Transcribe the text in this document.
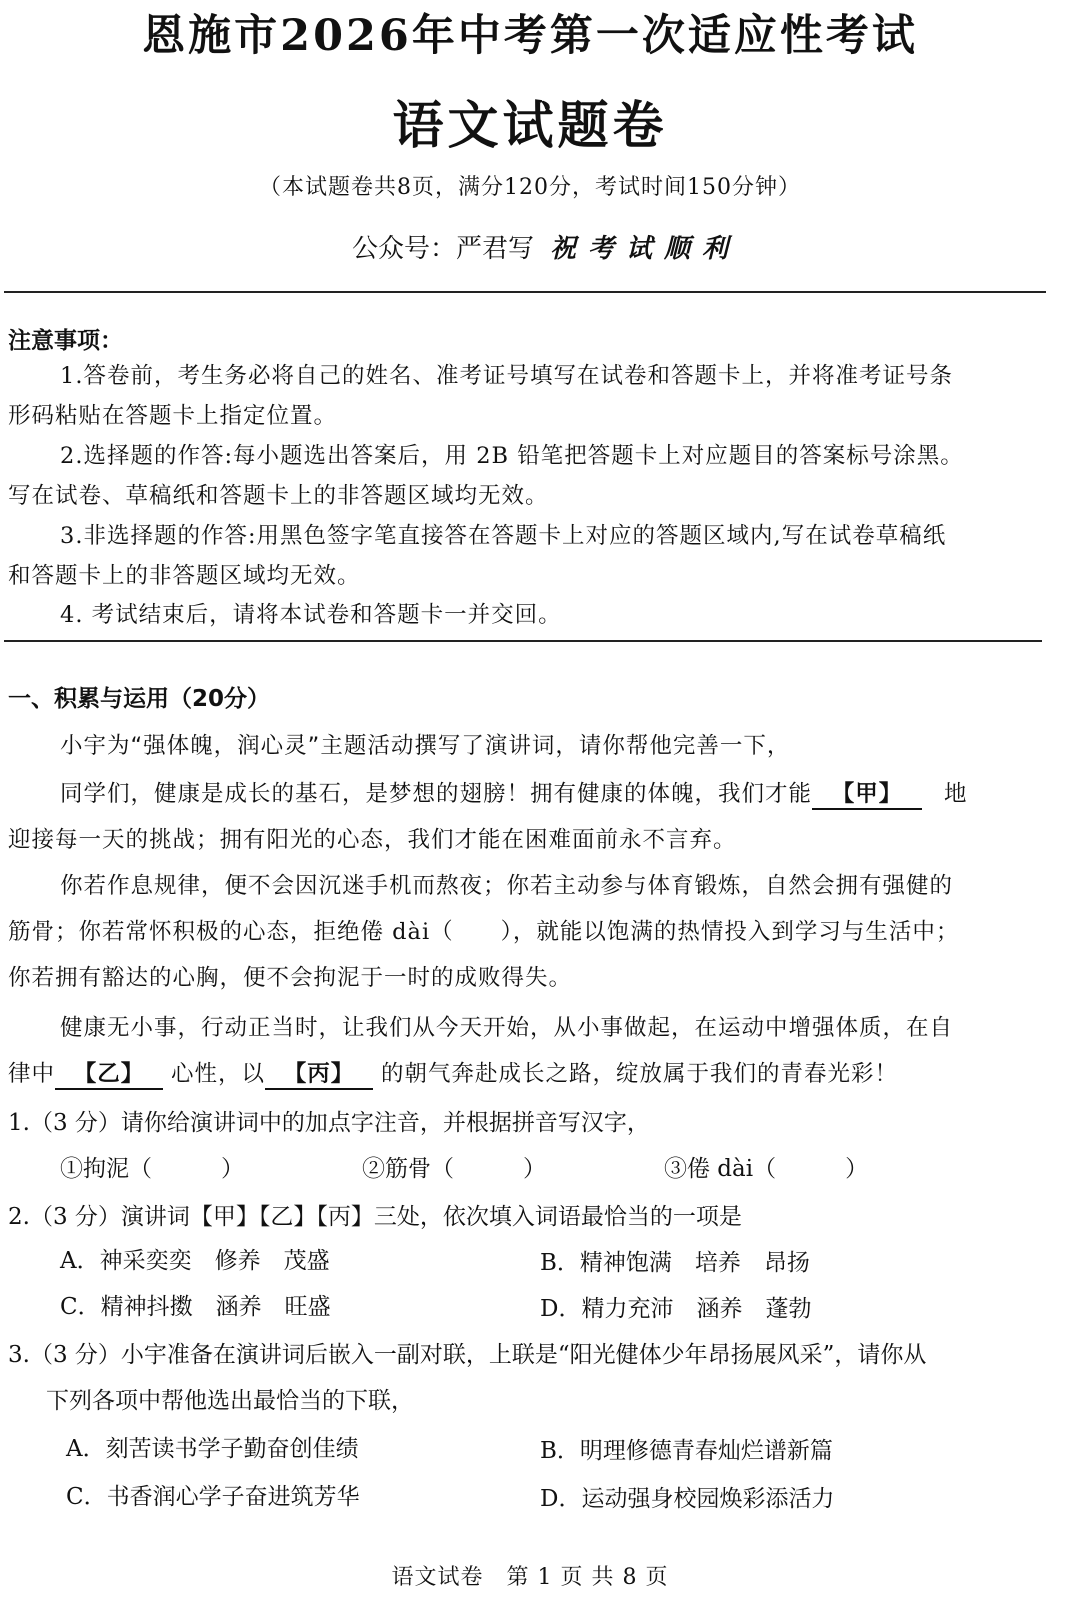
恩施市2026年中考第一次适应性考试
语文试题卷
（本试题卷共8页，满分120分，考试时间150分钟）
公众号：严君写 祝考试顺利
注意事项：
1.答卷前，考生务必将自己的姓名、准考证号填写在试卷和答题卡上，并将准考证号条
形码粘贴在答题卡上指定位置。
2.选择题的作答:每小题选出答案后，用 2B 铅笔把答题卡上对应题目的答案标号涂黑。
写在试卷、草稿纸和答题卡上的非答题区域均无效。
3.非选择题的作答:用黑色签字笔直接答在答题卡上对应的答题区域内,写在试卷草稿纸
和答题卡上的非答题区域均无效。
4. 考试结束后，请将本试卷和答题卡一并交回。
一、积累与运用（20分）
小宇为“强体魄，润心灵”主题活动撰写了演讲词，请你帮他完善一下，
同学们，健康是成长的基石，是梦想的翅膀！拥有健康的体魄，我们才能 【甲】 地
迎接每一天的挑战；拥有阳光的心态，我们才能在困难面前永不言弃。
你若作息规律，便不会因沉迷手机而熬夜；你若主动参与体育锻炼，自然会拥有强健的
筋骨；你若常怀积极的心态，拒绝倦 dài（　　），就能以饱满的热情投入到学习与生活中；
你若拥有豁达的心胸，便不会拘泥于一时的成败得失。
健康无小事，行动正当时，让我们从今天开始，从小事做起，在运动中增强体质，在自
律中 【乙】 心性，以 【丙】 的朝气奔赴成长之路，绽放属于我们的青春光彩！
1.（3 分）请你给演讲词中的加点字注音，并根据拼音写汉字，
①拘泥（　　　）	②筋骨（　　　）	③倦 dài（　　　）
2.（3 分）演讲词【甲】【乙】【丙】三处，依次填入词语最恰当的一项是
A．神采奕奕　修养　茂盛	B．精神饱满　培养　昂扬
C．精神抖擞　涵养　旺盛	D．精力充沛　涵养　蓬勃
3.（3 分）小宇准备在演讲词后嵌入一副对联，上联是“阳光健体少年昂扬展风采”，请你从
下列各项中帮他选出最恰当的下联，
A．刻苦读书学子勤奋创佳绩	B．明理修德青春灿烂谱新篇
C．书香润心学子奋进筑芳华	D．运动强身校园焕彩添活力
语文试卷　第 1 页 共 8 页
